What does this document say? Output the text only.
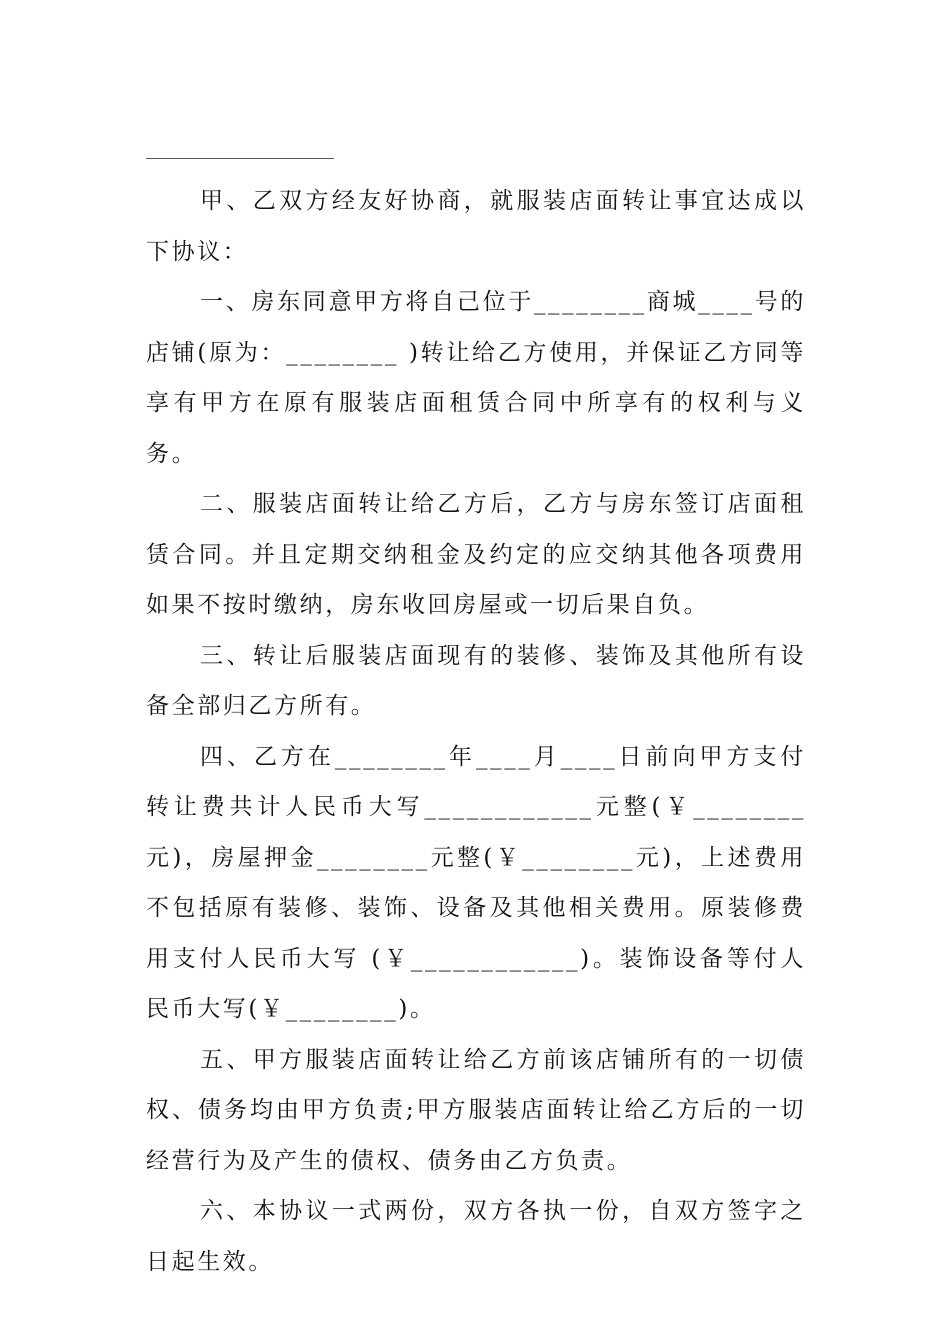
甲、乙双方经友好协商，就服装店面转让事宜达成以下协议：

一、房东同意甲方将自己位于________商城____号的店铺(原为：________ )转让给乙方使用，并保证乙方同等享有甲方在原有服装店面租赁合同中所享有的权利与义务。

二、服装店面转让给乙方后，乙方与房东签订店面租赁合同。并且定期交纳租金及约定的应交纳其他各项费用如果不按时缴纳，房东收回房屋或一切后果自负。

三、转让后服装店面现有的装修、装饰及其他所有设备全部归乙方所有。

四、乙方在________年____月____日前向甲方支付转让费共计人民币大写____________元整(￥________元)，房屋押金________元整(￥________元)，上述费用不包括原有装修、装饰、设备及其他相关费用。原装修费用支付人民币大写 (￥____________)。装饰设备等付人民币大写(￥________)。

五、甲方服装店面转让给乙方前该店铺所有的一切债权、债务均由甲方负责;甲方服装店面转让给乙方后的一切经营行为及产生的债权、债务由乙方负责。

六、本协议一式两份，双方各执一份，自双方签字之日起生效。
